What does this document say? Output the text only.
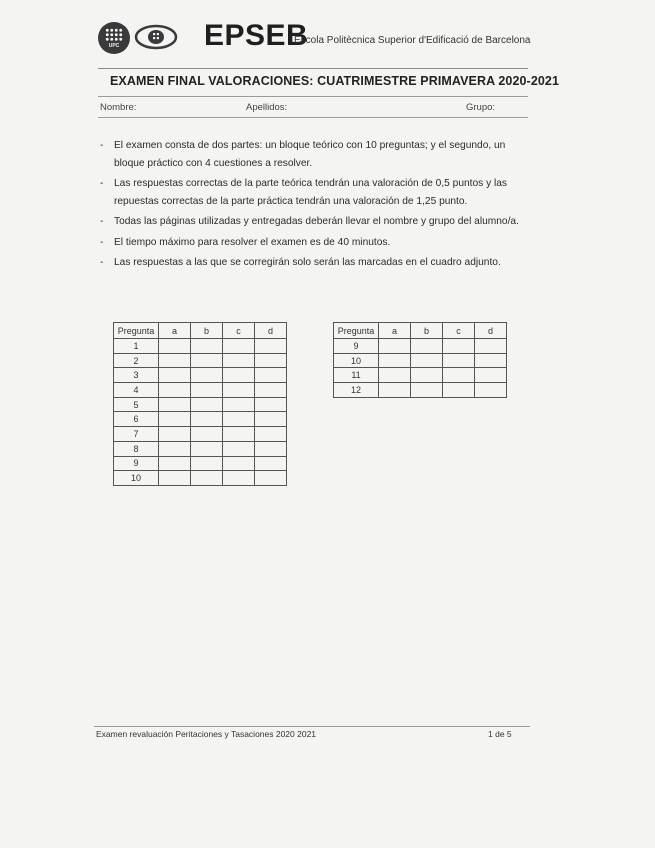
UPC	EPSEB
Escola Politècnica Superior d'Edificació de Barcelona
EXAMEN FINAL VALORACIONES: CUATRIMESTRE PRIMAVERA 2020-2021
Nombre:	Apellidos:	Grupo:
- El examen consta de dos partes: un bloque teórico con 10 preguntas; y el segundo, un bloque práctico con 4 cuestiones a resolver.
- Las respuestas correctas de la parte teórica tendrán una valoración de 0,5 puntos y las repuestas correctas de la parte práctica tendrán una valoración de 1,25 punto.
- Todas las páginas utilizadas y entregadas deberán llevar el nombre y grupo del alumno/a.
- El tiempo máximo para resolver el examen es de 40 minutos.
- Las respuestas a las que se corregirán solo serán las marcadas en el cuadro adjunto.
Pregunta	a	b	c	d
1				
2				
3				
4				
5				
6				
7				
8				
9				
10				
Pregunta	a	b	c	d
9				
10				
11				
12				
Examen revaluación Peritaciones y Tasaciones 2020 2021	1 de 5
